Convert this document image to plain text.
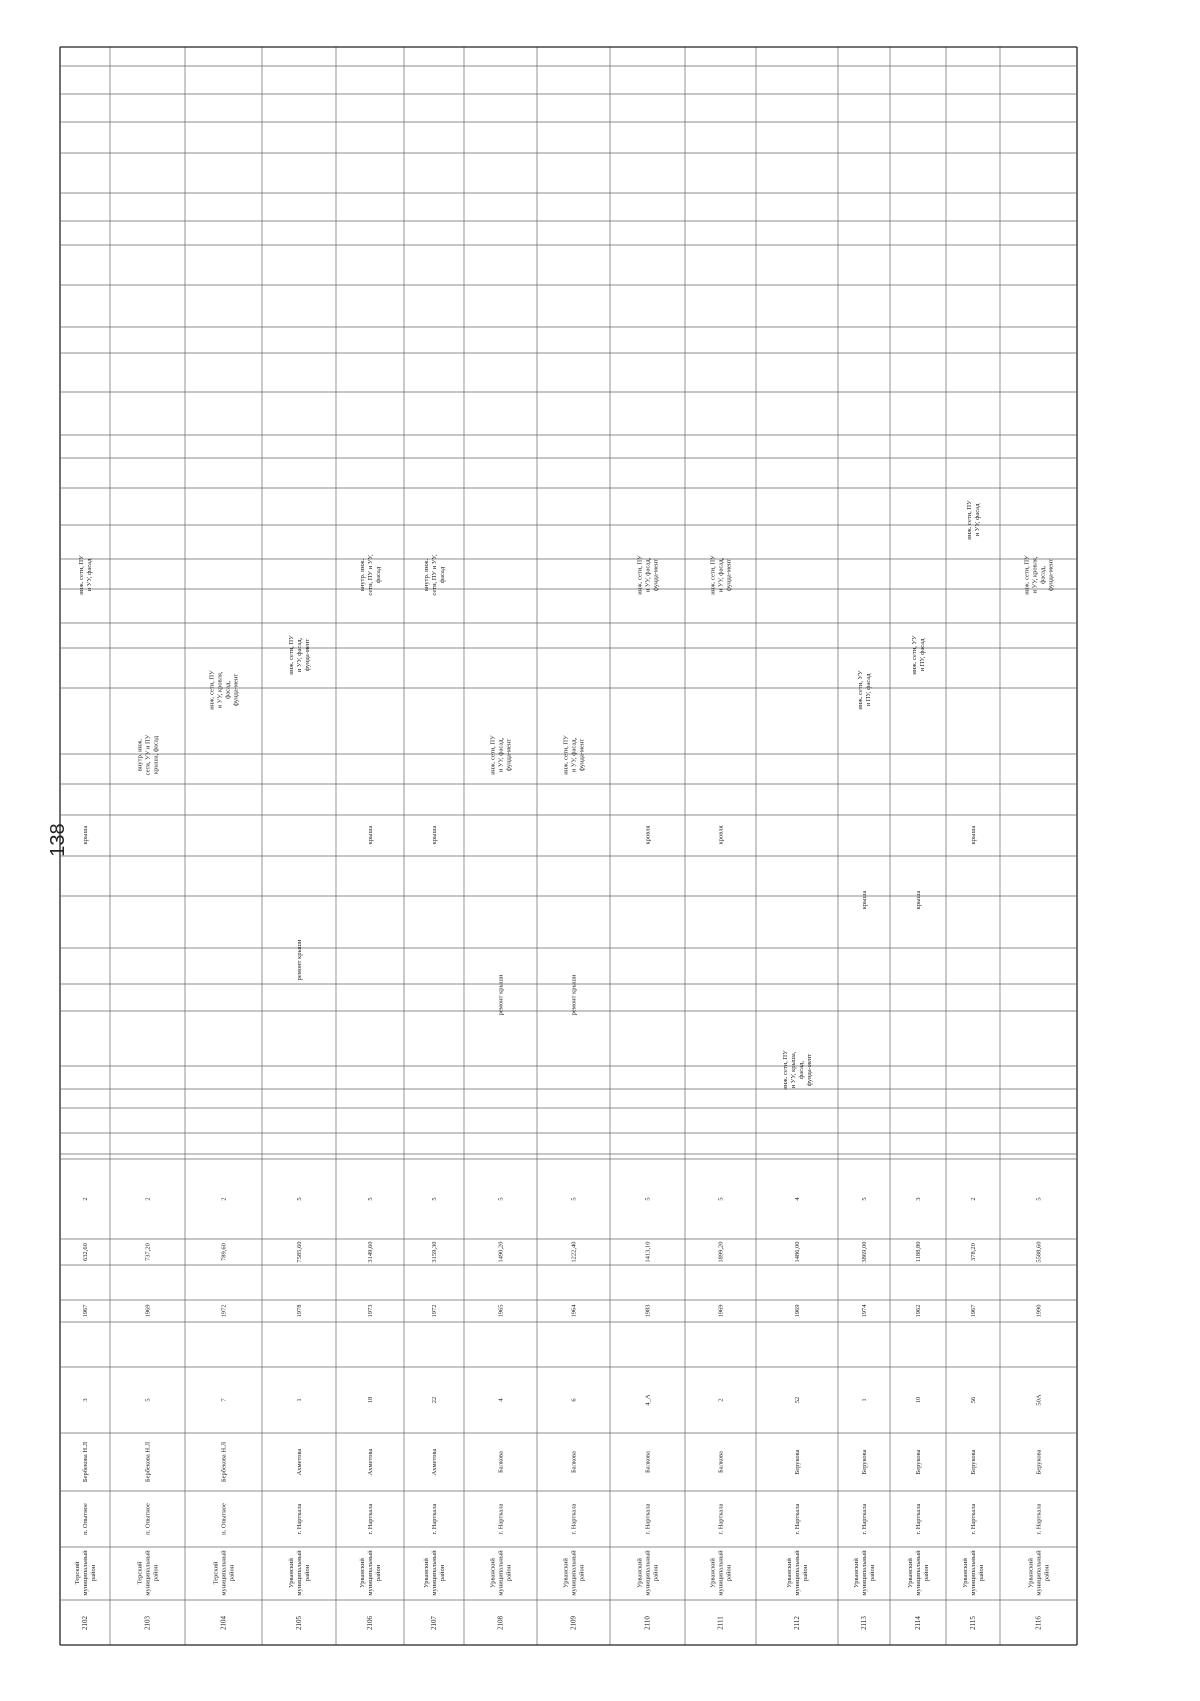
138
2102
Терскиймуниципальныйрайон
п. Опытное
Бербекова Н.Л
3
1967
632,60
2
крыша
инж. сети, ПУи УУ, фасад
2103
Терскиймуниципальныйрайон
п. Опытное
Бербекова Н.Л
5
1969
737,20
2
внутр. инж.сети, УУ и ПУкрыша, фасад
2104
Терскиймуниципальныйрайон
п. Опытное
Бербекова Н.Л
7
1972
789,60
2
инж. сети, ПУи УУ, кровля,фасад,фунда-мент
2105
Урванскиймуниципальныйрайон
г. Нарткала
Ахметова
1
1978
7585,60
5
ремонт крыши
инж. сети, ПУи УУ, фасад,фунда-мент
2106
Урванскиймуниципальныйрайон
г. Нарткала
Ахметова
18
1973
3149,60
5
крыша
внутр. инж.сети, ПУ и УУ,фасад
2107
Урванскиймуниципальныйрайон
г. Нарткала
Ахметова
22
1972
3159,30
5
крыша
внутр. инж.сети, ПУ и УУ,фасад
2108
Урванскиймуниципальныйрайон
г. Нарткала
Балкова
4
1965
1490,20
5
ремонт крыши
инж. сети, ПУи УУ, фасад,фунда-мент
2109
Урванскиймуниципальныйрайон
г. Нарткала
Балкова
6
1964
1222,40
5
ремонт крыши
инж. сети, ПУи УУ, фасад,фунда-мент
2110
Урванскиймуниципальныйрайон
г. Нарткала
Балкова
4_А
1983
1413,10
5
кровля
инж. сети, ПУи УУ, фасад,фунда-мент
2111
Урванскиймуниципальныйрайон
г. Нарткала
Балкова
2
1969
1899,20
5
кровля
инж. сети, ПУи УУ, фасад,фунда-мент
2112
Урванскиймуниципальныйрайон
г. Нарткала
Берукова
52
1969
1486,00
4
инж. сети, ПУи УУ, крыша,фасад,фунда-мент
2113
Урванскиймуниципальныйрайон
г. Нарткала
Берукова
1
1974
3869,00
5
крыша
инж. сети, УУи ПУ, фасад
2114
Урванскиймуниципальныйрайон
г. Нарткала
Берукова
10
1962
1188,80
3
крыша
инж. сети, УУи ПУ, фасад
2115
Урванскиймуниципальныйрайон
г. Нарткала
Берукова
56
1967
378,20
2
крыша
инж. сети, ПУи УУ, фасад
2116
Урванскиймуниципальныйрайон
г. Нарткала
Берукова
50А
1990
5588,60
5
инж. сети, ПУи УУ, кровля,фасад,фунда-мент
